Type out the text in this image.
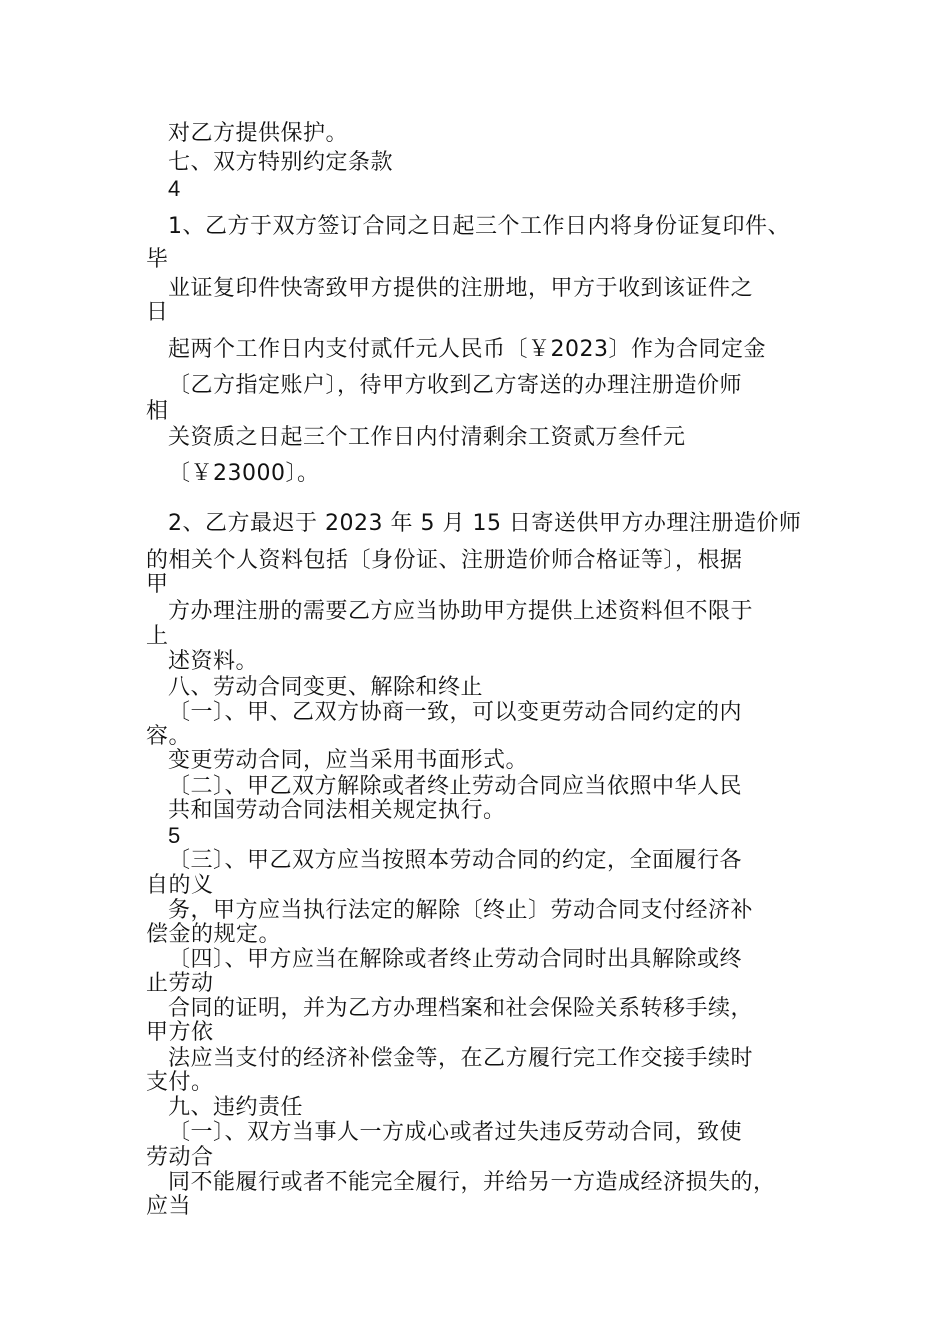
对乙方提供保护。
七、双方特别约定条款
4
1、乙方于双方签订合同之日起三个工作日内将身份证复印件、
毕
业证复印件快寄致甲方提供的注册地，甲方于收到该证件之
日
起两个工作日内支付贰仟元人民币〔￥2023〕作为合同定金
〔乙方指定账户〕，待甲方收到乙方寄送的办理注册造价师
相
关资质之日起三个工作日内付清剩余工资贰万叁仟元
〔￥23000〕。
2、乙方最迟于 2023 年 5 月 15 日寄送供甲方办理注册造价师
的相关个人资料包括〔身份证、注册造价师合格证等〕，根据
甲
方办理注册的需要乙方应当协助甲方提供上述资料但不限于
上
述资料。
八、劳动合同变更、解除和终止
〔一〕、甲、乙双方协商一致，可以变更劳动合同约定的内
容。
变更劳动合同，应当采用书面形式。
〔二〕、甲乙双方解除或者终止劳动合同应当依照中华人民
共和国劳动合同法相关规定执行。
5
〔三〕、甲乙双方应当按照本劳动合同的约定，全面履行各
自的义
务，甲方应当执行法定的解除〔终止〕劳动合同支付经济补
偿金的规定。
〔四〕、甲方应当在解除或者终止劳动合同时出具解除或终
止劳动
合同的证明，并为乙方办理档案和社会保险关系转移手续，
甲方依
法应当支付的经济补偿金等，在乙方履行完工作交接手续时
支付。
九、违约责任
〔一〕、双方当事人一方成心或者过失违反劳动合同，致使
劳动合
同不能履行或者不能完全履行，并给另一方造成经济损失的，
应当
